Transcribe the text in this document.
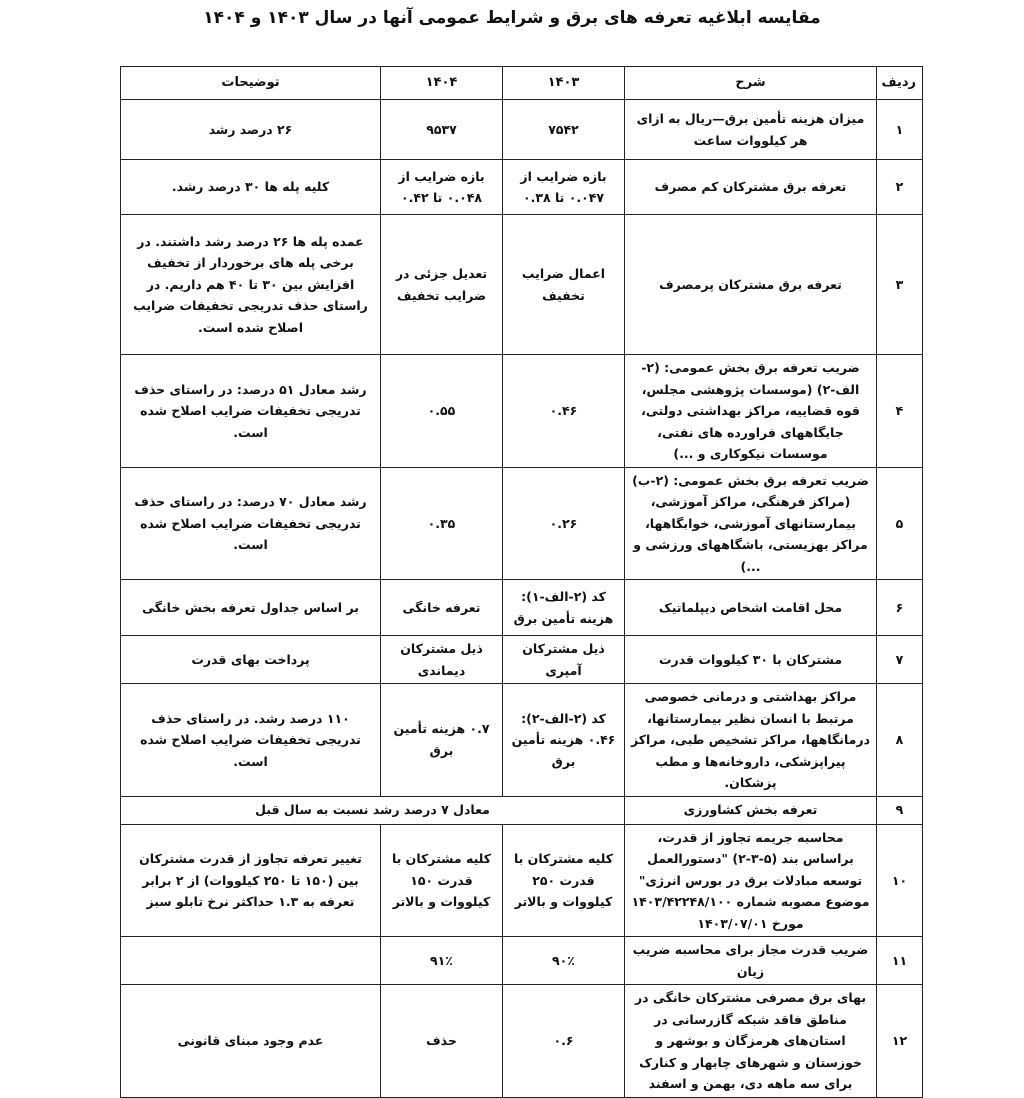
مقایسه ابلاغیه تعرفه های برق و شرایط عمومی آنها در سال ۱۴۰۳ و ۱۴۰۴
ردیف	شرح	۱۴۰۳	۱۴۰۴	توضیحات
۱	میزان هزینه تأمین برق—ریال به ازای هر کیلووات ساعت	۷۵۴۲	۹۵۳۷	۲۶ درصد رشد
۲	تعرفه برق مشترکان کم مصرف	بازه ضرایب از ۰.۰۴۷ تا ۰.۳۸	بازه ضرایب از ۰.۰۴۸ تا ۰.۴۲	کلیه پله ها ۳۰ درصد رشد.
۳	تعرفه برق مشترکان پرمصرف	اعمال ضرایب تخفیف	تعدیل جزئی در ضرایب تخفیف	عمده پله ها ۲۶ درصد رشد داشتند. در برخی پله های برخوردار از تخفیف افزایش بین ۳۰ تا ۴۰ هم داریم. در راستای حذف تدریجی تخفیفات ضرایب اصلاح شده است.
۴	ضریب تعرفه برق بخش عمومی: (۲-الف-۲) (موسسات پژوهشی مجلس، قوه قضاییه، مراکز بهداشتی دولتی، جایگاههای فراورده های نفتی، موسسات نیکوکاری و ...)	۰.۴۶	۰.۵۵	رشد معادل ۵۱ درصد: در راستای حذف تدریجی تخفیفات ضرایب اصلاح شده است.
۵	ضریب تعرفه برق بخش عمومی: (۲-ب) (مراکز فرهنگی، مراکز آموزشی، بیمارستانهای آموزشی، خوابگاهها، مراکز بهزیستی، باشگاههای ورزشی و ...)	۰.۲۶	۰.۳۵	رشد معادل ۷۰ درصد: در راستای حذف تدریجی تخفیفات ضرایب اصلاح شده است.
۶	محل اقامت اشخاص دیپلماتیک	کد (۲-الف-۱): هزینه تأمین برق	تعرفه خانگی	بر اساس جداول تعرفه بخش خانگی
۷	مشترکان با ۳۰ کیلووات قدرت	ذیل مشترکان آمپری	ذیل مشترکان دیماندی	پرداخت بهای قدرت
۸	مراکز بهداشتی و درمانی خصوصی مرتبط با انسان نظیر بیمارستانها، درمانگاهها، مراکز تشخیص طبی، مراکز پیراپزشکی، داروخانه‌ها و مطب پزشکان.	کد (۲-الف-۲): ۰.۴۶ هزینه تأمین برق	۰.۷ هزینه تأمین برق	۱۱۰ درصد رشد. در راستای حذف تدریجی تخفیفات ضرایب اصلاح شده است.
۹	تعرفه بخش کشاورزی	معادل ۷ درصد رشد نسبت به سال قبل		
۱۰	محاسبه جریمه تجاوز از قدرت، براساس بند (۵-۳-۲) "دستورالعمل توسعه مبادلات برق در بورس انرژی" موضوع مصوبه شماره ۱۴۰۳/۴۲۲۴۸/۱۰۰ مورخ ۱۴۰۳/۰۷/۰۱	کلیه مشترکان با قدرت ۲۵۰ کیلووات و بالاتر	کلیه مشترکان با قدرت ۱۵۰ کیلووات و بالاتر	تغییر تعرفه تجاوز از قدرت مشترکان بین (۱۵۰ تا ۲۵۰ کیلووات) از ۲ برابر تعرفه به ۱.۳ حداکثر نرخ تابلو سبز
۱۱	ضریب قدرت مجاز برای محاسبه ضریب زیان	۹۰٪	۹۱٪	
۱۲	بهای برق مصرفی مشترکان خانگی در مناطق فاقد شبکه گازرسانی در استان‌های هرمزگان و بوشهر و خوزستان و شهرهای چابهار و کنارک برای سه ماهه دی، بهمن و اسفند	۰.۶	حذف	عدم وجود مبنای قانونی
